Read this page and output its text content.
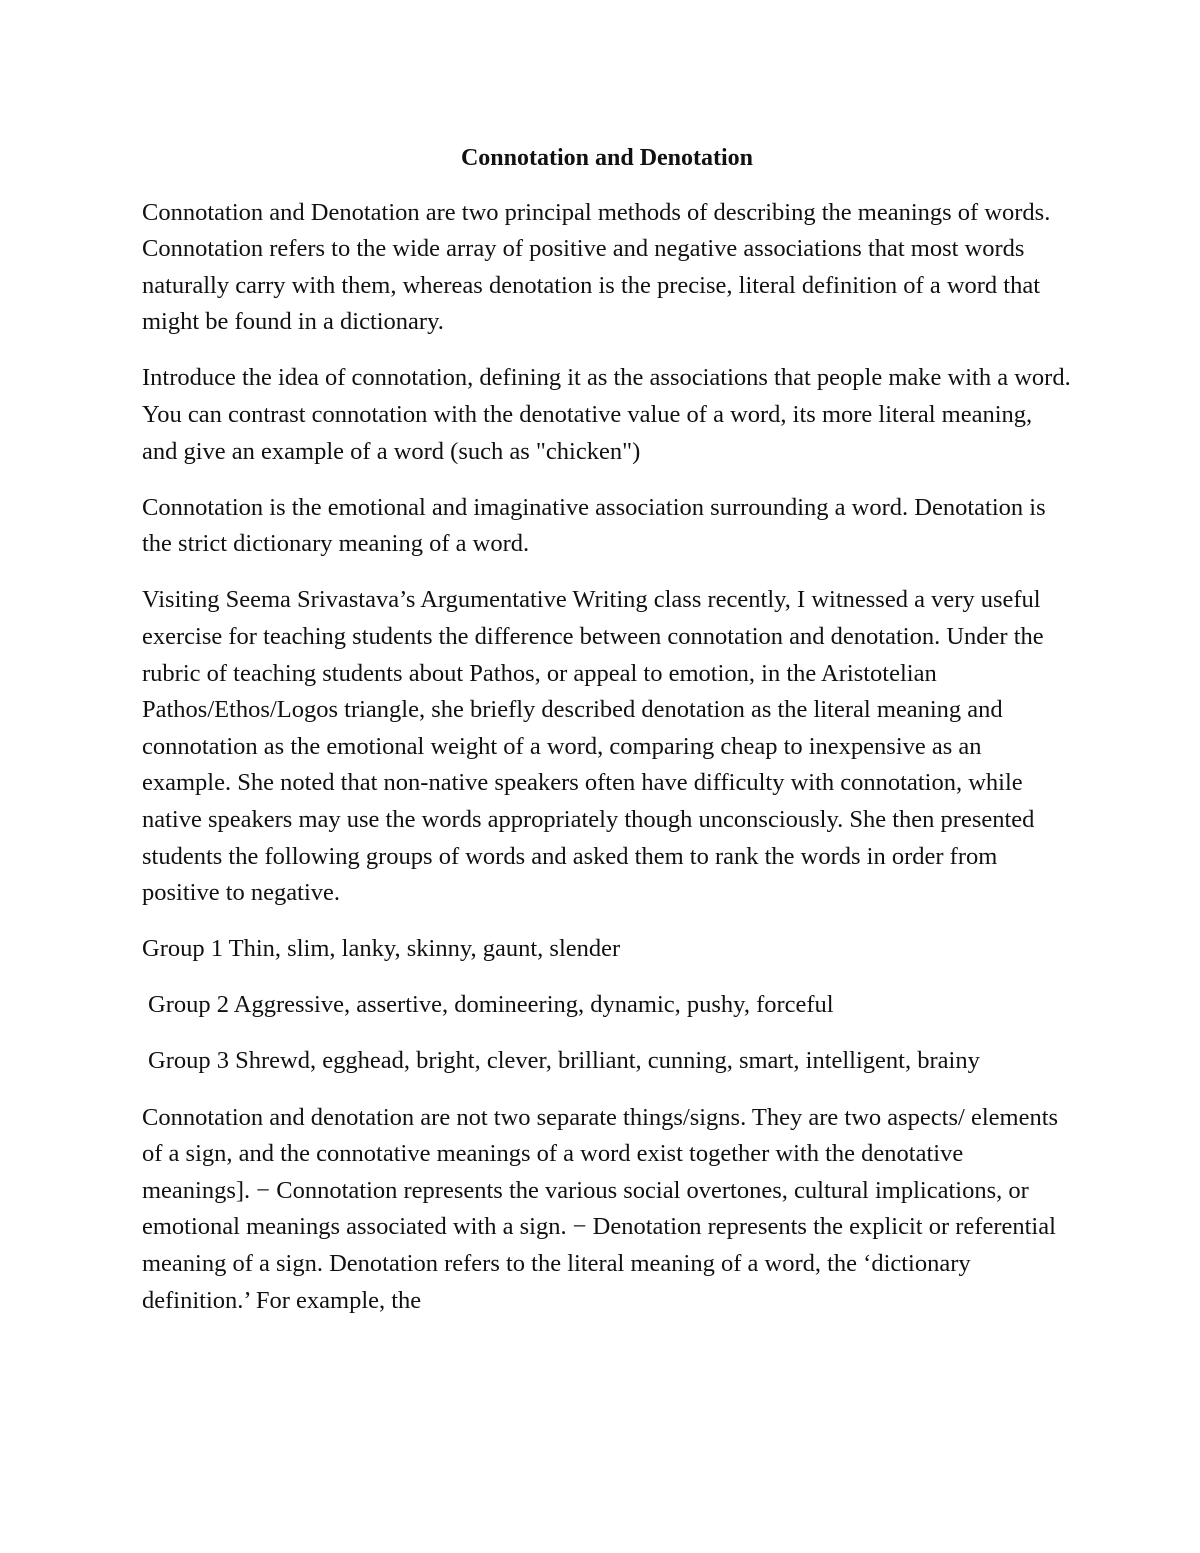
Connotation and Denotation

Connotation and Denotation are two principal methods of describing the meanings of words. Connotation refers to the wide array of positive and negative associations that most words naturally carry with them, whereas denotation is the precise, literal definition of a word that might be found in a dictionary.

Introduce the idea of connotation, defining it as the associations that people make with a word. You can contrast connotation with the denotative value of a word, its more literal meaning, and give an example of a word (such as "chicken")

Connotation is the emotional and imaginative association surrounding a word. Denotation is the strict dictionary meaning of a word.

Visiting Seema Srivastava’s Argumentative Writing class recently, I witnessed a very useful exercise for teaching students the difference between connotation and denotation. Under the rubric of teaching students about Pathos, or appeal to emotion, in the Aristotelian Pathos/Ethos/Logos triangle, she briefly described denotation as the literal meaning and connotation as the emotional weight of a word, comparing cheap to inexpensive as an example. She noted that non-native speakers often have difficulty with connotation, while native speakers may use the words appropriately though unconsciously. She then presented students the following groups of words and asked them to rank the words in order from positive to negative.

Group 1 Thin, slim, lanky, skinny, gaunt, slender

Group 2 Aggressive, assertive, domineering, dynamic, pushy, forceful

Group 3 Shrewd, egghead, bright, clever, brilliant, cunning, smart, intelligent, brainy

Connotation and denotation are not two separate things/signs. They are two aspects/ elements of a sign, and the connotative meanings of a word exist together with the denotative meanings]. − Connotation represents the various social overtones, cultural implications, or emotional meanings associated with a sign. − Denotation represents the explicit or referential meaning of a sign. Denotation refers to the literal meaning of a word, the ‘dictionary definition.’ For example, the
